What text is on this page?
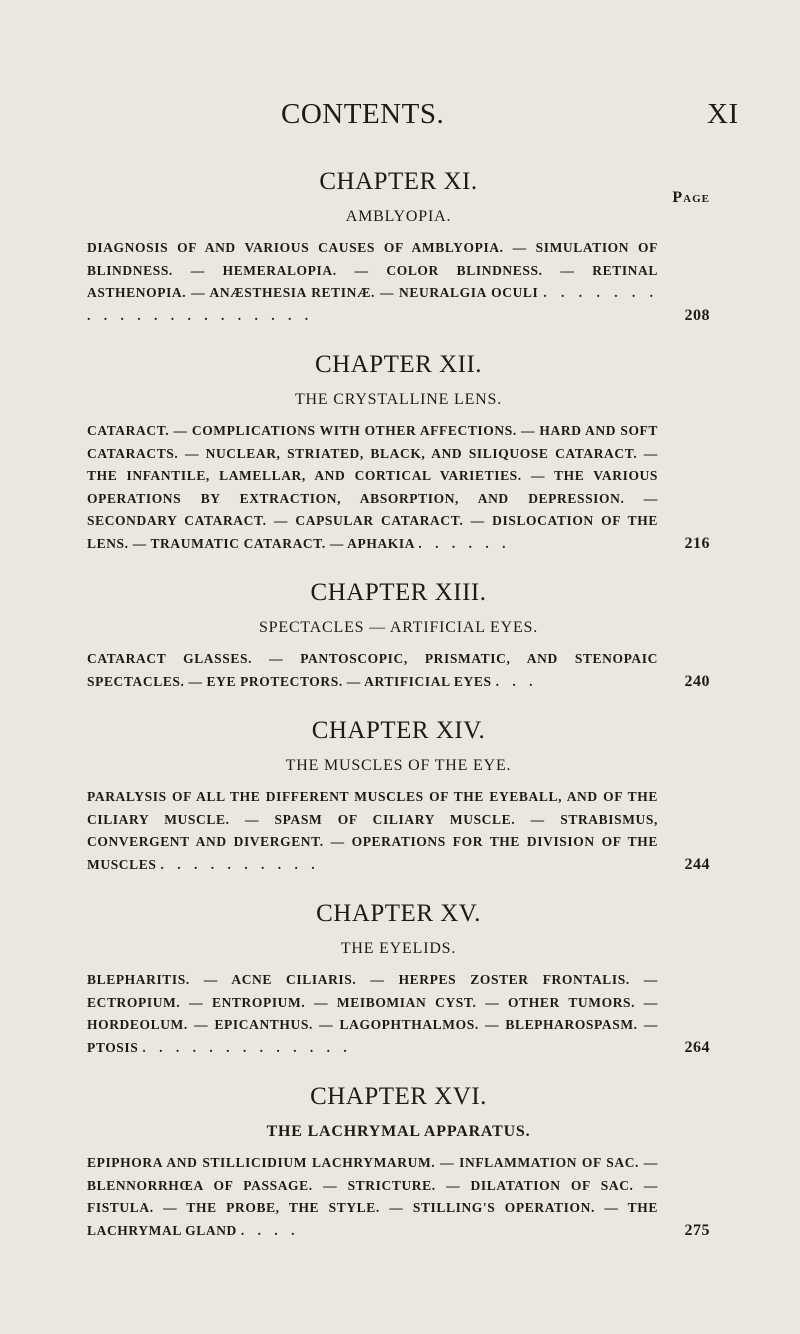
CONTENTS.	XI
CHAPTER XI.
Page
AMBLYOPIA.
DIAGNOSIS OF AND VARIOUS CAUSES OF AMBLYOPIA. — SIMULATION OF BLINDNESS. — HEMERALOPIA. — COLOR BLINDNESS. — RETINAL ASTHENOPIA. — ANÆSTHESIA RETINÆ. — NEURALGIA OCULI . . . . . . . . . . . . . . . . . . . . .	208
CHAPTER XII.
THE CRYSTALLINE LENS.
CATARACT. — COMPLICATIONS WITH OTHER AFFECTIONS. — HARD AND SOFT CATARACTS. — NUCLEAR, STRIATED, BLACK, AND SILIQUOSE CATARACT. — THE INFANTILE, LAMELLAR, AND CORTICAL VARIETIES. — THE VARIOUS OPERATIONS BY EXTRACTION, ABSORPTION, AND DEPRESSION. — SECONDARY CATARACT. — CAPSULAR CATARACT. — DISLOCATION OF THE LENS. — TRAUMATIC CATARACT. — APHAKIA . . . . . .	216
CHAPTER XIII.
SPECTACLES — ARTIFICIAL EYES.
CATARACT GLASSES. — PANTOSCOPIC, PRISMATIC, AND STENOPAIC SPECTACLES. — EYE PROTECTORS. — ARTIFICIAL EYES . . .	240
CHAPTER XIV.
THE MUSCLES OF THE EYE.
PARALYSIS OF ALL THE DIFFERENT MUSCLES OF THE EYEBALL, AND OF THE CILIARY MUSCLE. — SPASM OF CILIARY MUSCLE. — STRABISMUS, CONVERGENT AND DIVERGENT. — OPERATIONS FOR THE DIVISION OF THE MUSCLES . . . . . . . . . .	244
CHAPTER XV.
THE EYELIDS.
BLEPHARITIS. — ACNE CILIARIS. — HERPES ZOSTER FRONTALIS. — ECTROPIUM. — ENTROPIUM. — MEIBOMIAN CYST. — OTHER TUMORS. — HORDEOLUM. — EPICANTHUS. — LAGOPHTHALMOS. — BLEPHAROSPASM. — PTOSIS . . . . . . . . . . . . .	264
CHAPTER XVI.
THE LACHRYMAL APPARATUS.
EPIPHORA AND STILLICIDIUM LACHRYMARUM. — INFLAMMATION OF SAC. — BLENNORRHŒA OF PASSAGE. — STRICTURE. — DILATATION OF SAC. — FISTULA. — THE PROBE, THE STYLE. — STILLING'S OPERATION. — THE LACHRYMAL GLAND . . . .	275
